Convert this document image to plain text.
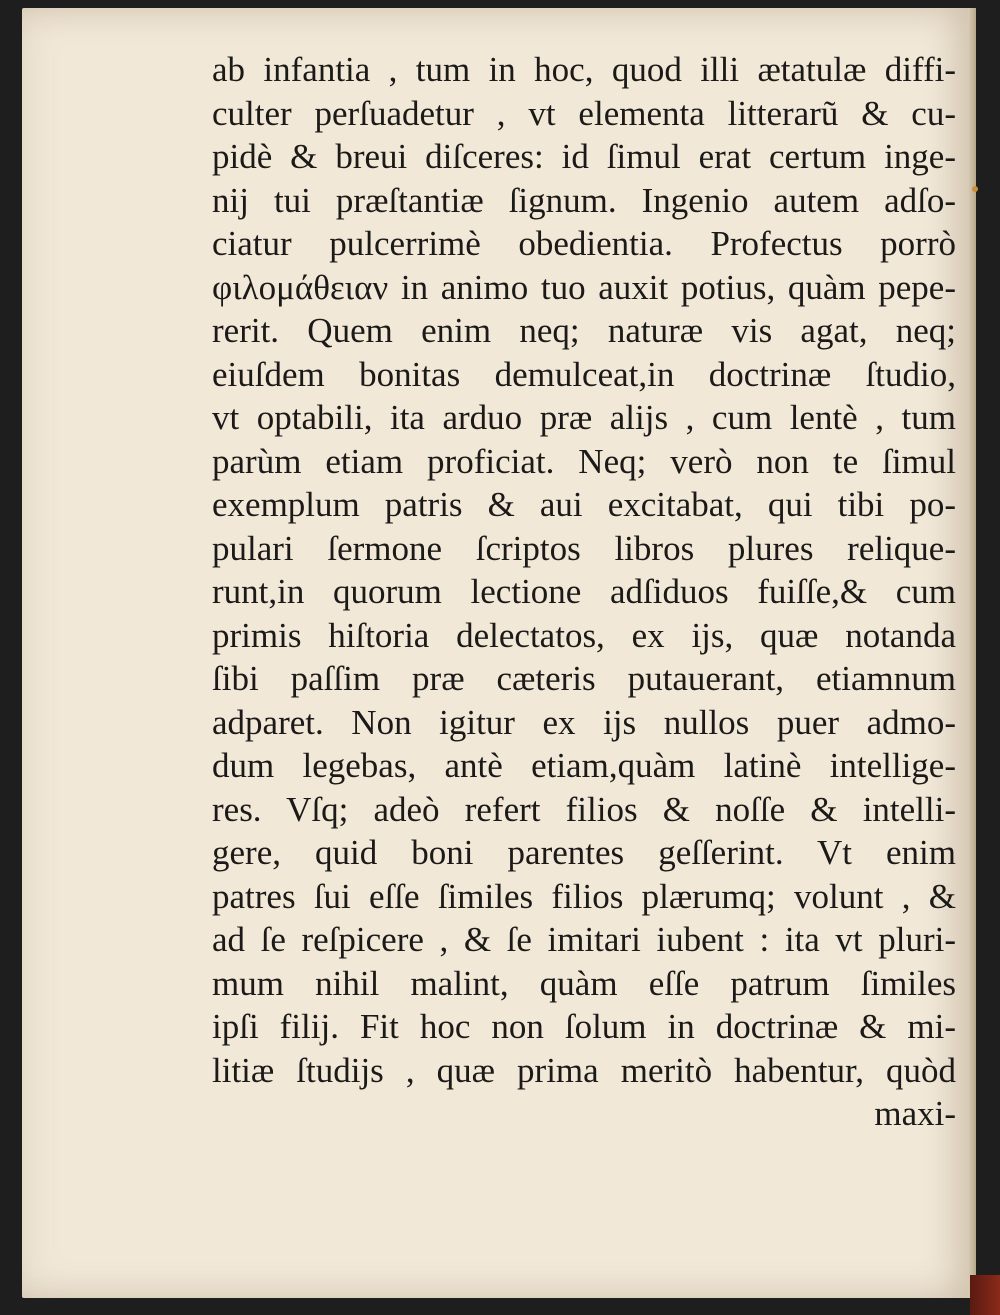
ab infantia , tum in hoc, quod illi ætatulæ diffi-
culter perſuadetur , vt elementa litterarũ & cu-
pidè & breui diſceres: id ſimul erat certum inge-
nij tui præſtantiæ ſignum. Ingenio autem adſo-
ciatur pulcerrimè obedientia. Profectus porrò
φιλομάθειαν in animo tuo auxit potius, quàm pepe-
rerit. Quem enim neq; naturæ vis agat, neq;
eiuſdem bonitas demulceat,in doctrinæ ſtudio,
vt optabili, ita arduo præ alijs , cum lentè , tum
parùm etiam proficiat. Neq; verò non te ſimul
exemplum patris & aui excitabat, qui tibi po-
pulari ſermone ſcriptos libros plures relique-
runt,in quorum lectione adſiduos fuiſſe,& cum
primis hiſtoria delectatos, ex ijs, quæ notanda
ſibi paſſim præ cæteris putauerant, etiamnum
adparet. Non igitur ex ijs nullos puer admo-
dum legebas, antè etiam,quàm latinè intellige-
res. Vſq; adeò refert filios & noſſe & intelli-
gere, quid boni parentes geſſerint. Vt enim
patres ſui eſſe ſimiles filios plærumq; volunt , &
ad ſe reſpicere , & ſe imitari iubent : ita vt pluri-
mum nihil malint, quàm eſſe patrum ſimiles
ipſi filij. Fit hoc non ſolum in doctrinæ & mi-
litiæ ſtudijs , quæ prima meritò habentur, quòd
maxi-
